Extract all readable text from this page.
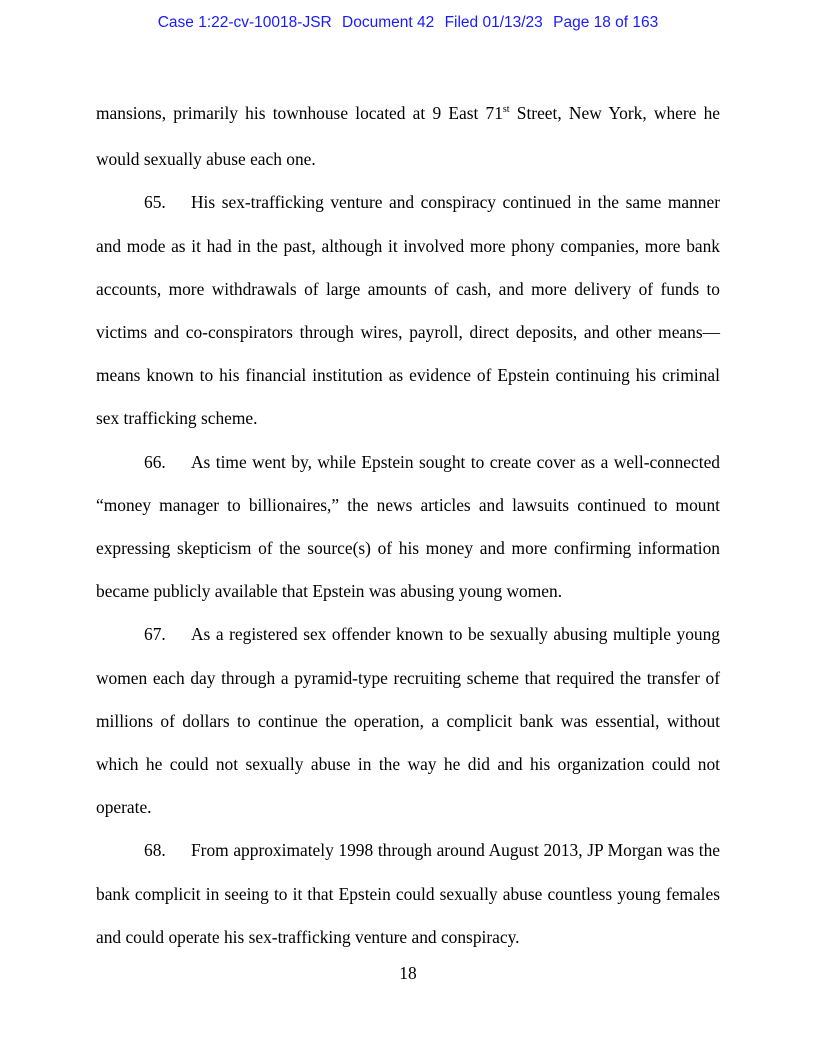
Case 1:22-cv-10018-JSR Document 42 Filed 01/13/23 Page 18 of 163

mansions, primarily his townhouse located at 9 East 71st Street, New York, where he would sexually abuse each one.

65. His sex-trafficking venture and conspiracy continued in the same manner and mode as it had in the past, although it involved more phony companies, more bank accounts, more withdrawals of large amounts of cash, and more delivery of funds to victims and co-conspirators through wires, payroll, direct deposits, and other means—means known to his financial institution as evidence of Epstein continuing his criminal sex trafficking scheme.

66. As time went by, while Epstein sought to create cover as a well-connected “money manager to billionaires,” the news articles and lawsuits continued to mount expressing skepticism of the source(s) of his money and more confirming information became publicly available that Epstein was abusing young women.

67. As a registered sex offender known to be sexually abusing multiple young women each day through a pyramid-type recruiting scheme that required the transfer of millions of dollars to continue the operation, a complicit bank was essential, without which he could not sexually abuse in the way he did and his organization could not operate.

68. From approximately 1998 through around August 2013, JP Morgan was the bank complicit in seeing to it that Epstein could sexually abuse countless young females and could operate his sex-trafficking venture and conspiracy.

18
